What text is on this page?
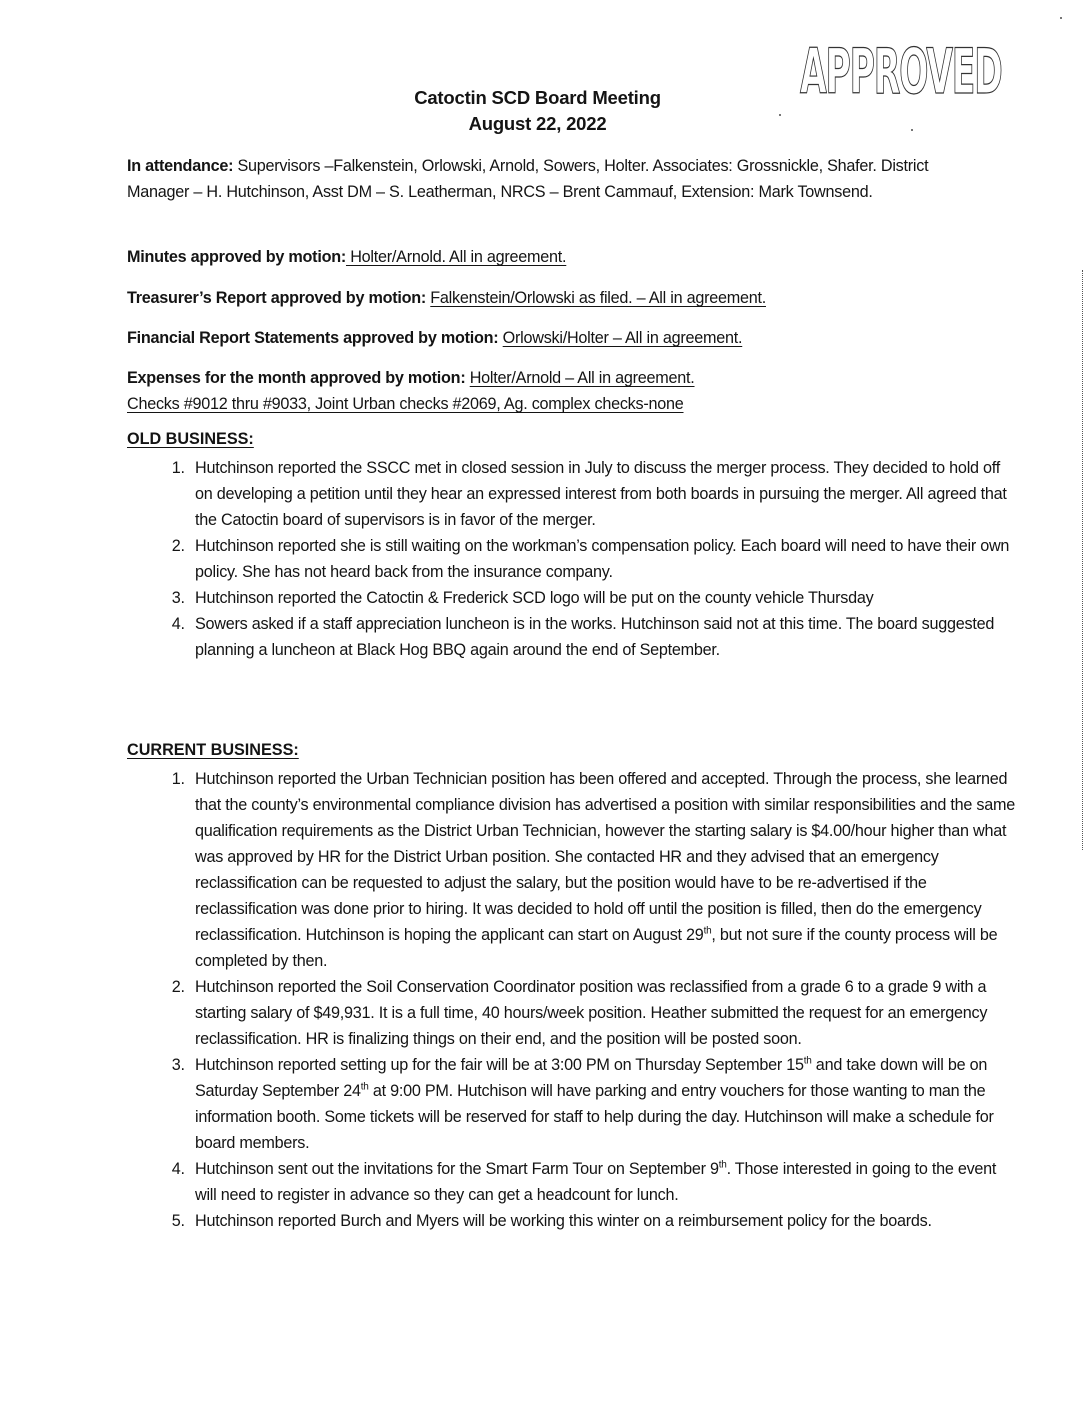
APPROVED
Catoctin SCD Board Meeting
August 22, 2022
In attendance: Supervisors –Falkenstein, Orlowski, Arnold, Sowers, Holter. Associates: Grossnickle, Shafer. District Manager – H. Hutchinson, Asst DM – S. Leatherman, NRCS – Brent Cammauf, Extension: Mark Townsend.
Minutes approved by motion: Holter/Arnold. All in agreement.
Treasurer’s Report approved by motion: Falkenstein/Orlowski as filed. – All in agreement.
Financial Report Statements approved by motion: Orlowski/Holter – All in agreement.
Expenses for the month approved by motion: Holter/Arnold – All in agreement.
Checks #9012 thru #9033, Joint Urban checks #2069, Ag. complex checks-none
OLD BUSINESS:
1. Hutchinson reported the SSCC met in closed session in July to discuss the merger process. They decided to hold off on developing a petition until they hear an expressed interest from both boards in pursuing the merger. All agreed that the Catoctin board of supervisors is in favor of the merger.
2. Hutchinson reported she is still waiting on the workman’s compensation policy. Each board will need to have their own policy. She has not heard back from the insurance company.
3. Hutchinson reported the Catoctin & Frederick SCD logo will be put on the county vehicle Thursday
4. Sowers asked if a staff appreciation luncheon is in the works. Hutchinson said not at this time. The board suggested planning a luncheon at Black Hog BBQ again around the end of September.
CURRENT BUSINESS:
1. Hutchinson reported the Urban Technician position has been offered and accepted. Through the process, she learned that the county’s environmental compliance division has advertised a position with similar responsibilities and the same qualification requirements as the District Urban Technician, however the starting salary is $4.00/hour higher than what was approved by HR for the District Urban position. She contacted HR and they advised that an emergency reclassification can be requested to adjust the salary, but the position would have to be re-advertised if the reclassification was done prior to hiring. It was decided to hold off until the position is filled, then do the emergency reclassification. Hutchinson is hoping the applicant can start on August 29th, but not sure if the county process will be completed by then.
2. Hutchinson reported the Soil Conservation Coordinator position was reclassified from a grade 6 to a grade 9 with a starting salary of $49,931. It is a full time, 40 hours/week position. Heather submitted the request for an emergency reclassification. HR is finalizing things on their end, and the position will be posted soon.
3. Hutchinson reported setting up for the fair will be at 3:00 PM on Thursday September 15th and take down will be on Saturday September 24th at 9:00 PM. Hutchison will have parking and entry vouchers for those wanting to man the information booth. Some tickets will be reserved for staff to help during the day. Hutchinson will make a schedule for board members.
4. Hutchinson sent out the invitations for the Smart Farm Tour on September 9th. Those interested in going to the event will need to register in advance so they can get a headcount for lunch.
5. Hutchinson reported Burch and Myers will be working this winter on a reimbursement policy for the boards.
